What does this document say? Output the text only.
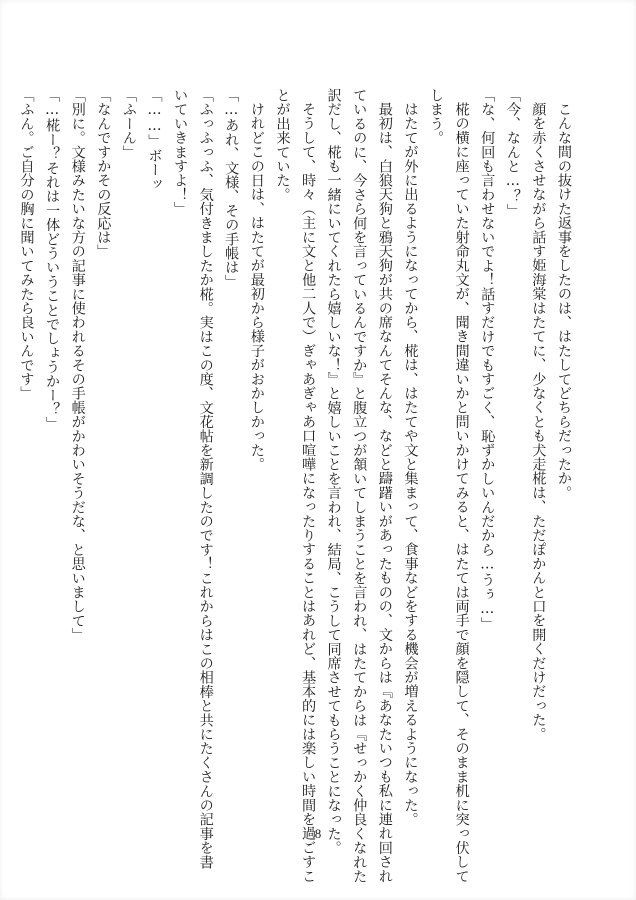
こんな間の抜けた返事をしたのは、はたしてどちらだったか。
顔を赤くさせながら話す姫海棠はたてに、少なくとも犬走椛は、ただぽかんと口を開くだけだった。
「今、なんと…？」
「な、何回も言わせないでよ！話すだけでもすごく、恥ずかしいんだから…うぅ…」
椛の横に座っていた射命丸文が、聞き間違いかと問いかけてみると、はたては両手で顔を隠して、そのまま机に突っ伏して
しまう。
はたてが外に出るようになってから、椛は、はたてや文と集まって、食事などをする機会が増えるようになった。
最初は、白狼天狗と鴉天狗が共の席なんてそんな、などと躊躇いがあったものの、文からは『あなたいつも私に連れ回され
ているのに、今さら何を言っているんですか』と腹立つが頷いてしまうことを言われ、はたてからは『せっかく仲良くなれた
訳だし、椛も一緒にいてくれたら嬉しいな！』と嬉しいことを言われ、結局、こうして同席させてもらうことになった。
そうして、時々（主に文と他二人で）ぎゃあぎゃあ口喧嘩になったりすることはあれど、基本的には楽しい時間を過ごすこ
とが出来ていた。
けれどこの日は、はたてが最初から様子がおかしかった。
「…あれ、文様、その手帳は」
「ふっふっふ、気付きましたか椛。実はこの度、文花帖を新調したのです！これからはこの相棒と共にたくさんの記事を書
いていきますよ！」
「……」ボーッ
「ふーん」
「なんですかその反応は」
「別に。文様みたいな方の記事に使われるその手帳がかわいそうだな、と思いまして」
「…椛ー？それは一体どういうことでしょうかー？」
「ふん。ご自分の胸に聞いてみたら良いんです」
8
